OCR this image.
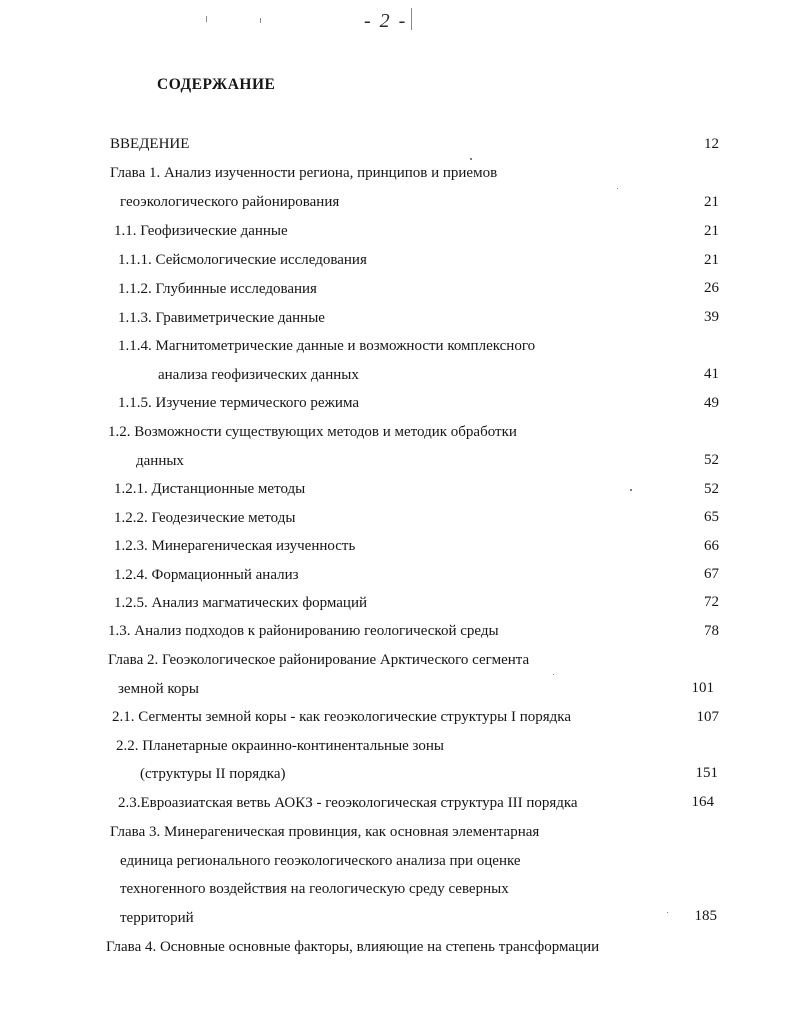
- 2 -
СОДЕРЖАНИЕ
ВВЕДЕНИЕ	12
Глава 1. Анализ изученности региона, принципов и приемов
геоэкологического районирования	21
1.1. Геофизические данные	21
1.1.1. Сейсмологические исследования	21
1.1.2. Глубинные исследования	26
1.1.3. Гравиметрические данные	39
1.1.4. Магнитометрические данные и возможности комплексного
анализа геофизических данных	41
1.1.5. Изучение термического режима	49
1.2. Возможности существующих методов и методик обработки
данных	52
1.2.1. Дистанционные методы	52
1.2.2. Геодезические методы	65
1.2.3. Минерагеническая изученность	66
1.2.4. Формационный анализ	67
1.2.5. Анализ магматических формаций	72
1.3. Анализ подходов к районированию геологической среды	78
Глава 2. Геоэкологическое районирование Арктического сегмента
земной коры	101
2.1. Сегменты земной коры - как геоэкологические структуры I порядка	107
2.2. Планетарные окраинно-континентальные зоны
(структуры II порядка)	151
2.3.Евроазиатская ветвь АОКЗ - геоэкологическая структура III порядка	164
Глава 3. Минерагеническая провинция, как основная элементарная
единица регионального геоэкологического анализа при оценке
техногенного воздействия на геологическую среду северных
территорий	185
Глава 4. Основные основные факторы, влияющие на степень трансформации
